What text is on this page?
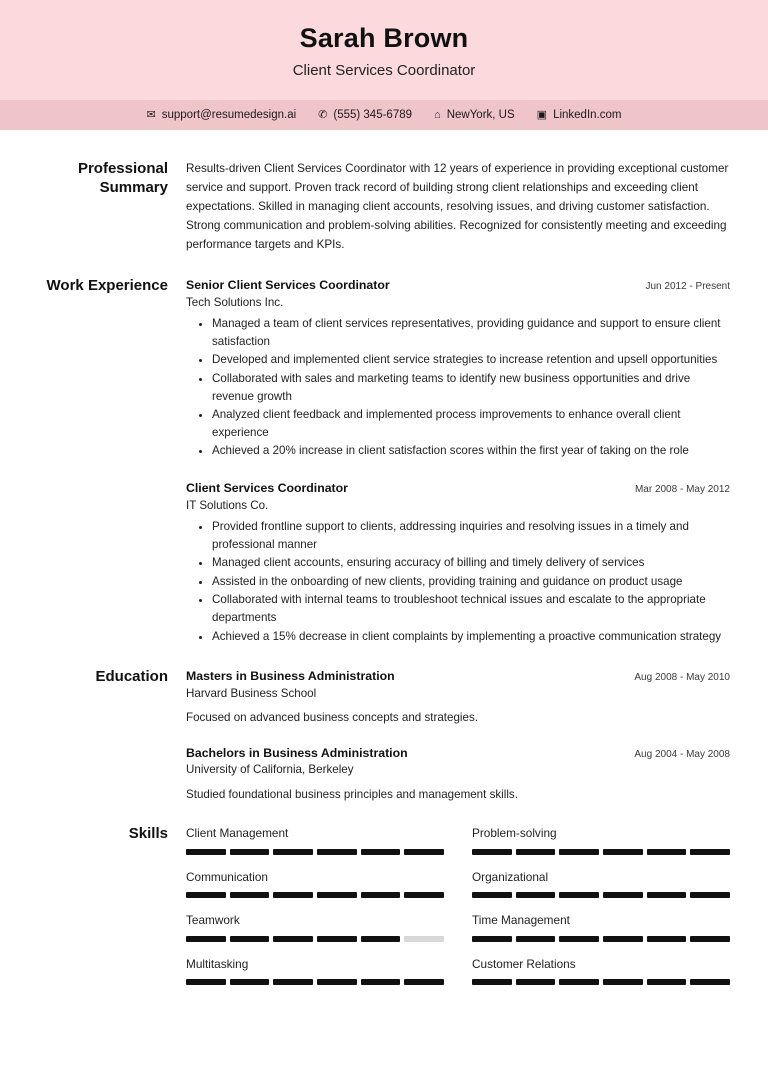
Sarah Brown
Client Services Coordinator
✉ support@resumedesign.ai ✆ (555) 345-6789 ⌂ NewYork, US ▣ LinkedIn.com
Professional Summary
Results-driven Client Services Coordinator with 12 years of experience in providing exceptional customer service and support. Proven track record of building strong client relationships and exceeding client expectations. Skilled in managing client accounts, resolving issues, and driving customer satisfaction. Strong communication and problem-solving abilities. Recognized for consistently meeting and exceeding performance targets and KPIs.
Work Experience	Senior Client Services Coordinator	Jun 2012 - Present
Tech Solutions Inc.
• Managed a team of client services representatives, providing guidance and support to ensure client satisfaction
• Developed and implemented client service strategies to increase retention and upsell opportunities
• Collaborated with sales and marketing teams to identify new business opportunities and drive revenue growth
• Analyzed client feedback and implemented process improvements to enhance overall client experience
• Achieved a 20% increase in client satisfaction scores within the first year of taking on the role
Client Services Coordinator	Mar 2008 - May 2012
IT Solutions Co.
• Provided frontline support to clients, addressing inquiries and resolving issues in a timely and professional manner
• Managed client accounts, ensuring accuracy of billing and timely delivery of services
• Assisted in the onboarding of new clients, providing training and guidance on product usage
• Collaborated with internal teams to troubleshoot technical issues and escalate to the appropriate departments
• Achieved a 15% decrease in client complaints by implementing a proactive communication strategy
Education	Masters in Business Administration	Aug 2008 - May 2010
Harvard Business School
Focused on advanced business concepts and strategies.
Bachelors in Business Administration	Aug 2004 - May 2008
University of California, Berkeley
Studied foundational business principles and management skills.
Skills	Client Management	Problem-solving
Communication	Organizational
Teamwork	Time Management
Multitasking	Customer Relations
